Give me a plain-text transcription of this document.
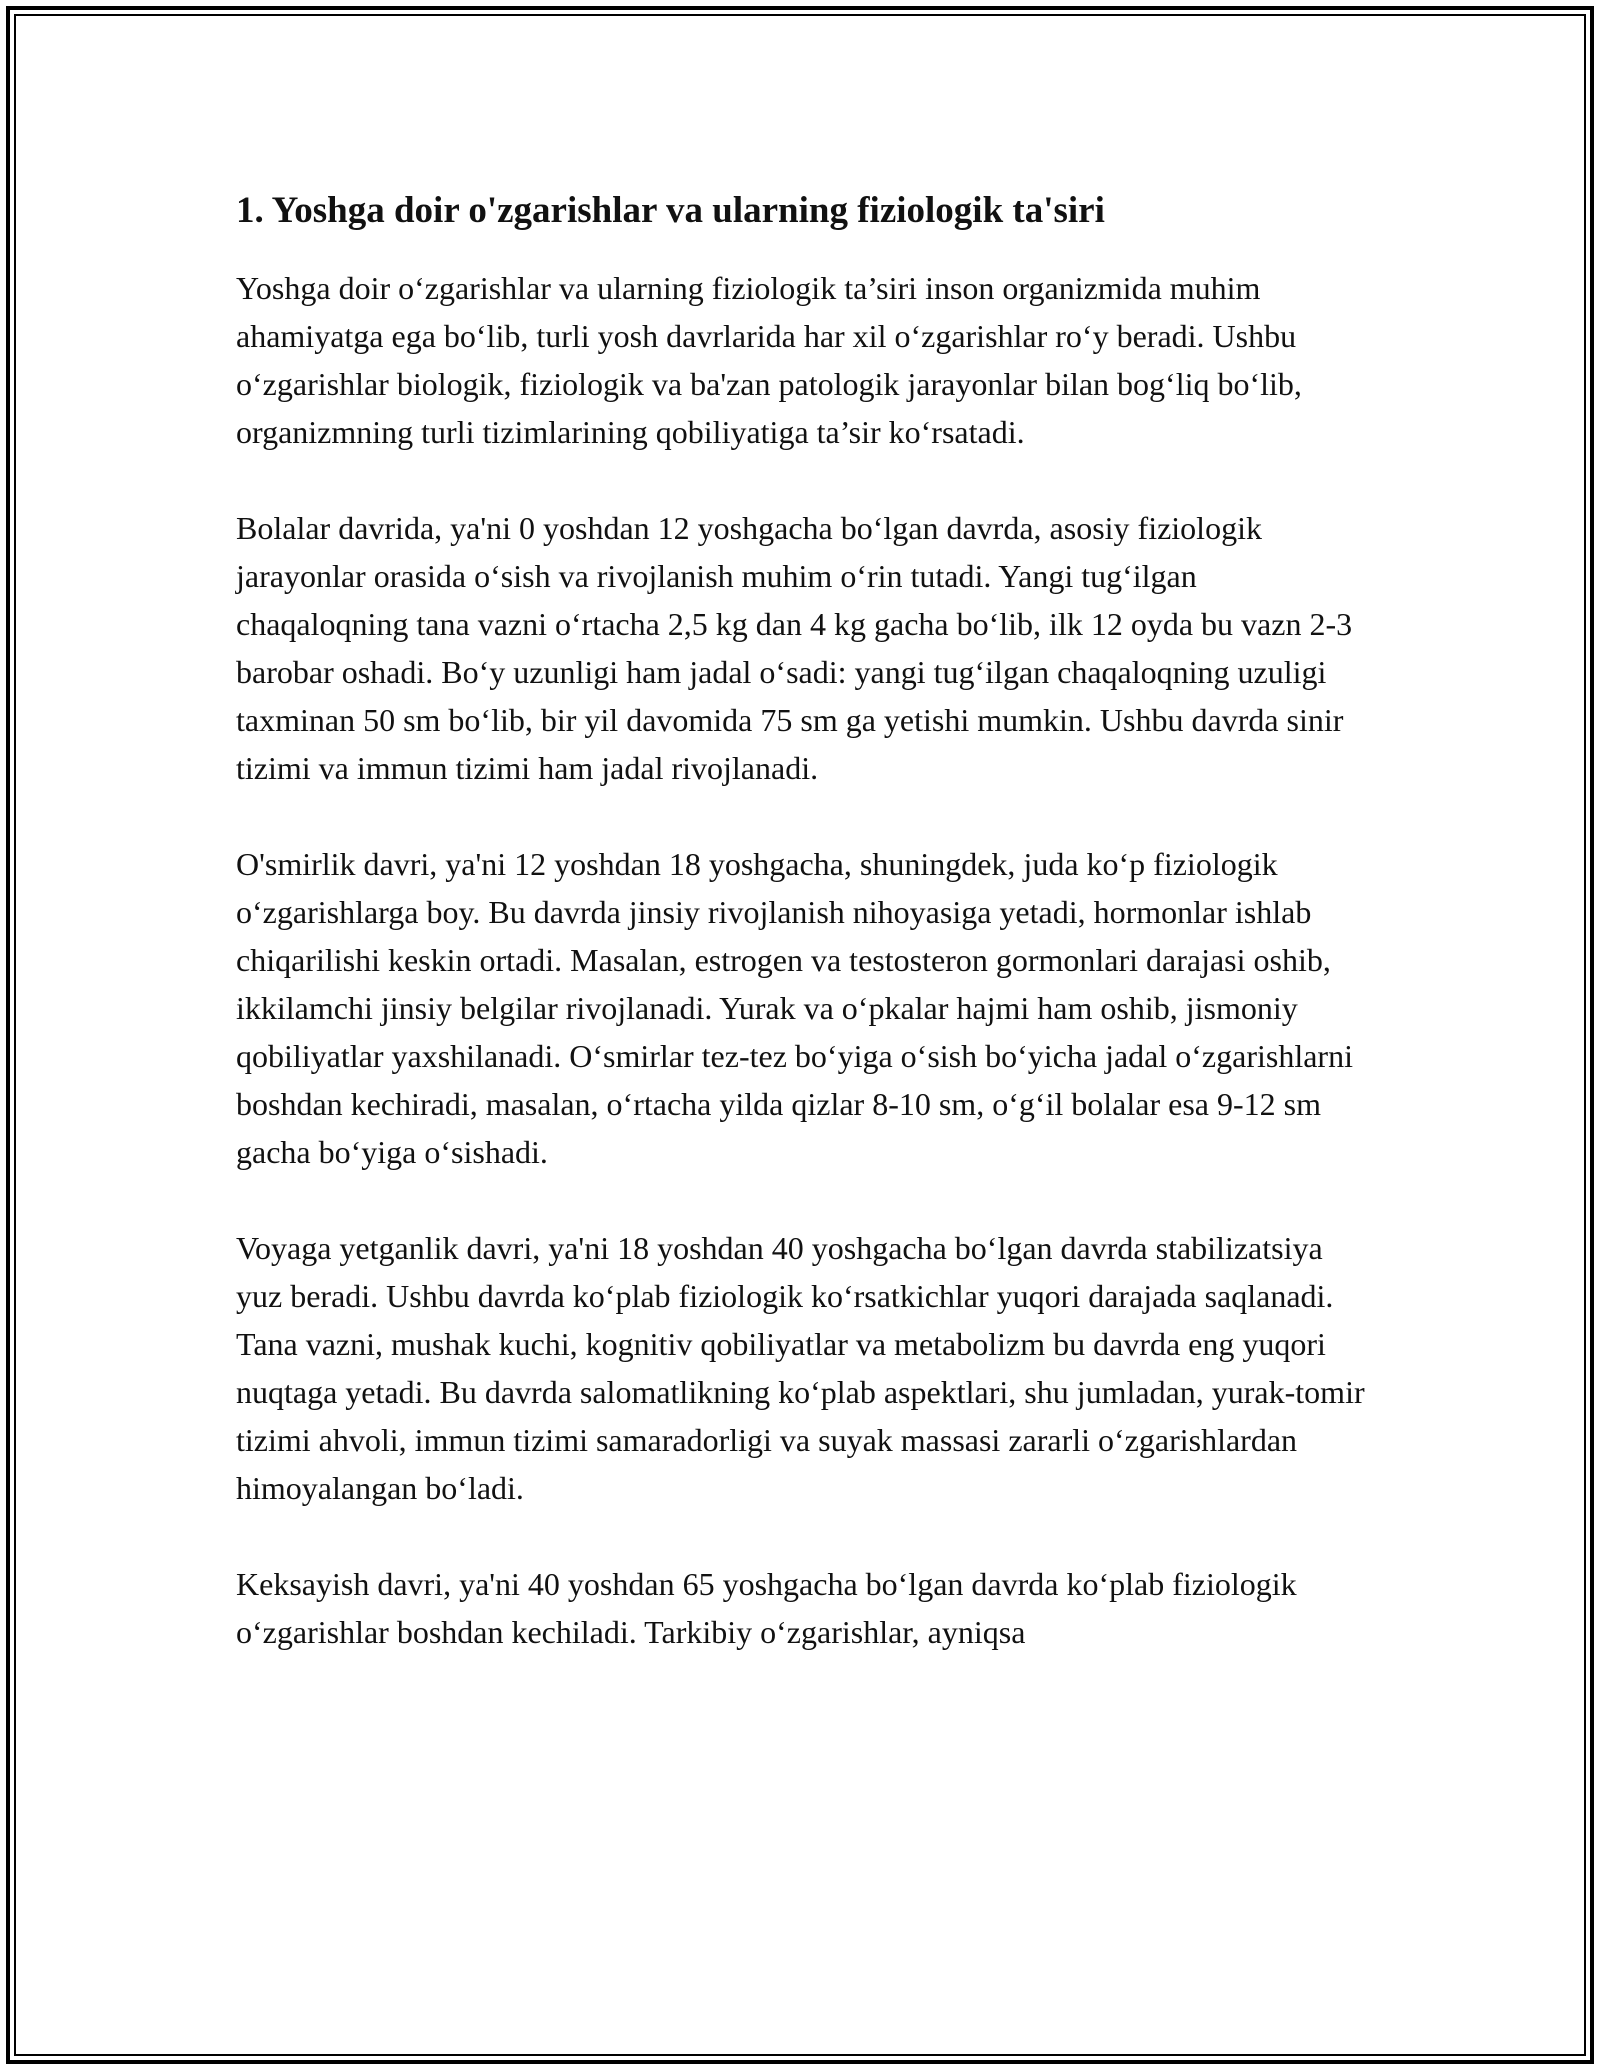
1. Yoshga doir o'zgarishlar va ularning fiziologik ta'siri

Yoshga doir o‘zgarishlar va ularning fiziologik ta’siri inson organizmida muhim ahamiyatga ega bo‘lib, turli yosh davrlarida har xil o‘zgarishlar ro‘y beradi. Ushbu o‘zgarishlar biologik, fiziologik va ba'zan patologik jarayonlar bilan bog‘liq bo‘lib, organizmning turli tizimlarining qobiliyatiga ta’sir ko‘rsatadi.

Bolalar davrida, ya'ni 0 yoshdan 12 yoshgacha bo‘lgan davrda, asosiy fiziologik jarayonlar orasida o‘sish va rivojlanish muhim o‘rin tutadi. Yangi tug‘ilgan chaqaloqning tana vazni o‘rtacha 2,5 kg dan 4 kg gacha bo‘lib, ilk 12 oyda bu vazn 2-3 barobar oshadi. Bo‘y uzunligi ham jadal o‘sadi: yangi tug‘ilgan chaqaloqning uzuligi taxminan 50 sm bo‘lib, bir yil davomida 75 sm ga yetishi mumkin. Ushbu davrda sinir tizimi va immun tizimi ham jadal rivojlanadi.

O'smirlik davri, ya'ni 12 yoshdan 18 yoshgacha, shuningdek, juda ko‘p fiziologik o‘zgarishlarga boy. Bu davrda jinsiy rivojlanish nihoyasiga yetadi, hormonlar ishlab chiqarilishi keskin ortadi. Masalan, estrogen va testosteron gormonlari darajasi oshib, ikkilamchi jinsiy belgilar rivojlanadi. Yurak va o‘pkalar hajmi ham oshib, jismoniy qobiliyatlar yaxshilanadi. O‘smirlar tez-tez bo‘yiga o‘sish bo‘yicha jadal o‘zgarishlarni boshdan kechiradi, masalan, o‘rtacha yilda qizlar 8-10 sm, o‘g‘il bolalar esa 9-12 sm gacha bo‘yiga o‘sishadi.

Voyaga yetganlik davri, ya'ni 18 yoshdan 40 yoshgacha bo‘lgan davrda stabilizatsiya yuz beradi. Ushbu davrda ko‘plab fiziologik ko‘rsatkichlar yuqori darajada saqlanadi. Tana vazni, mushak kuchi, kognitiv qobiliyatlar va metabolizm bu davrda eng yuqori nuqtaga yetadi. Bu davrda salomatlikning ko‘plab aspektlari, shu jumladan, yurak-tomir tizimi ahvoli, immun tizimi samaradorligi va suyak massasi zararli o‘zgarishlardan himoyalangan bo‘ladi.

Keksayish davri, ya'ni 40 yoshdan 65 yoshgacha bo‘lgan davrda ko‘plab fiziologik o‘zgarishlar boshdan kechiladi. Tarkibiy o‘zgarishlar, ayniqsa
